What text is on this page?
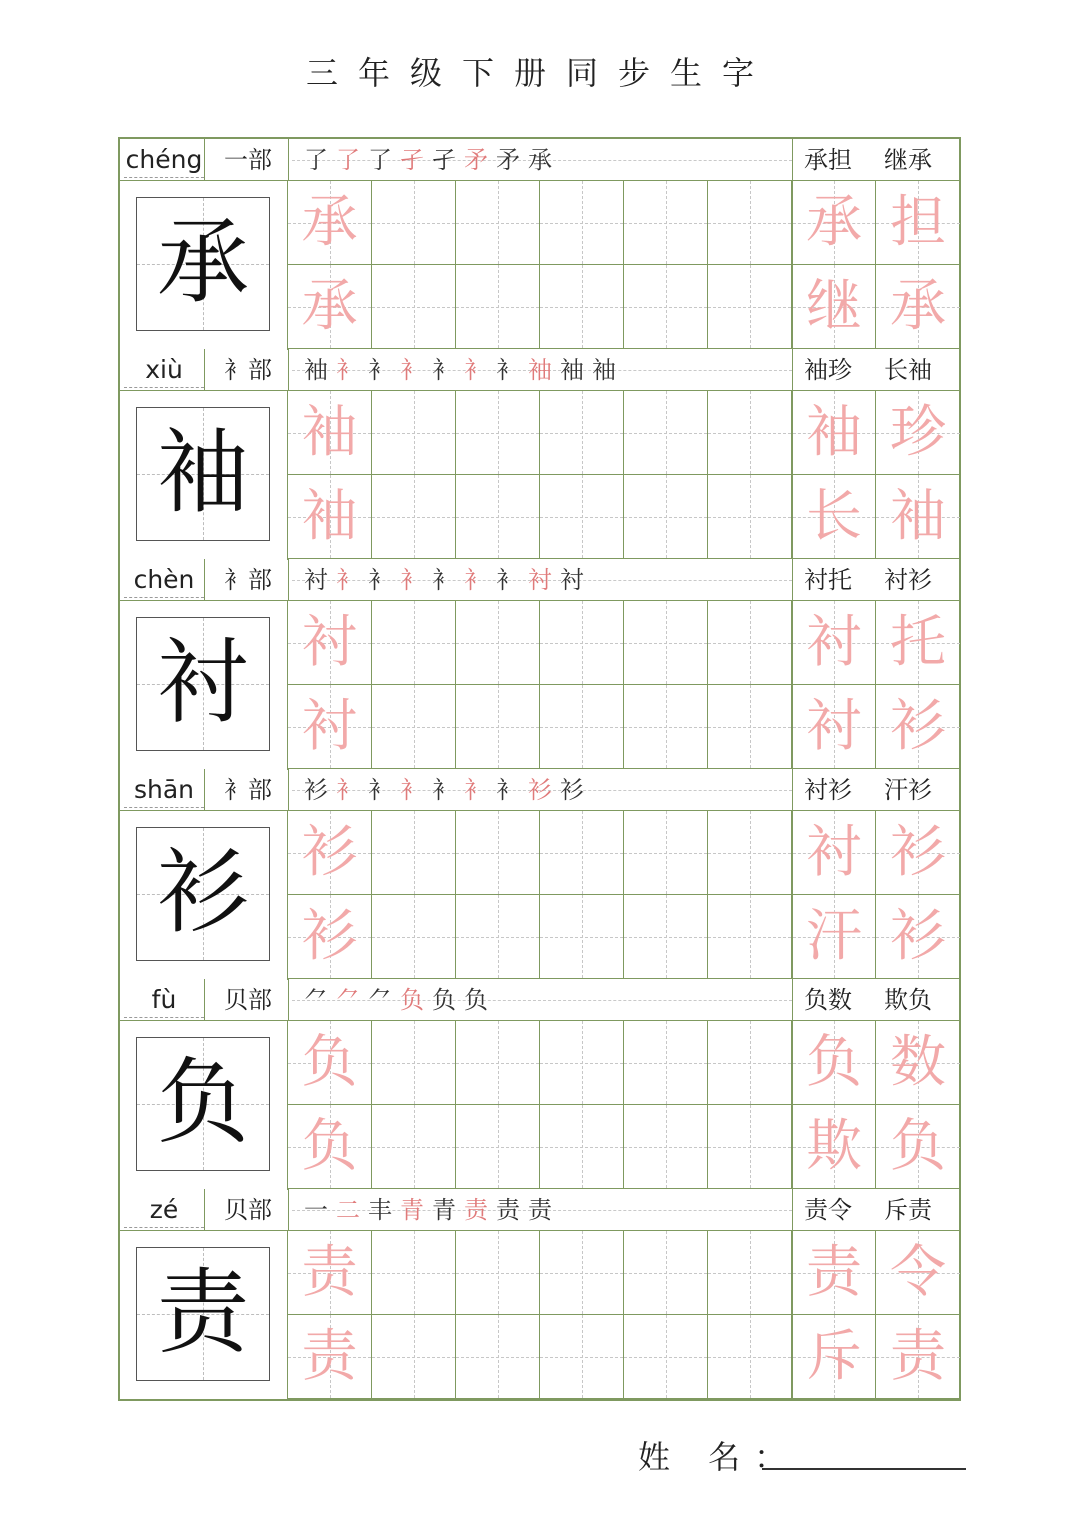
三年级下册同步生字
chéng 一部	了了了孑孑矛矛承	承担 继承
承 承	承 担
承	继 承
xiù	衤部	袖衤衤衤衤衤衤袖袖袖	袖珍 长袖
袖 袖	袖 珍
袖	长 袖
chèn	衤部	衬衤衤衤衤衤衤衬衬	衬托 衬衫
衬 衬	衬 托
衬	衬 衫
shān	衤部	衫衤衤衤衤衤衤衫衫	衬衫 汗衫
衫 衫	衬 衫
衫	汗 衫
fù	贝部	⺈⺈⺈负负负	负数 欺负
负 负	负 数
负	欺 负
zé	贝部	一二丰青青责责责	责令 斥责
责 责	责 令
责	斥 责
姓 名：
